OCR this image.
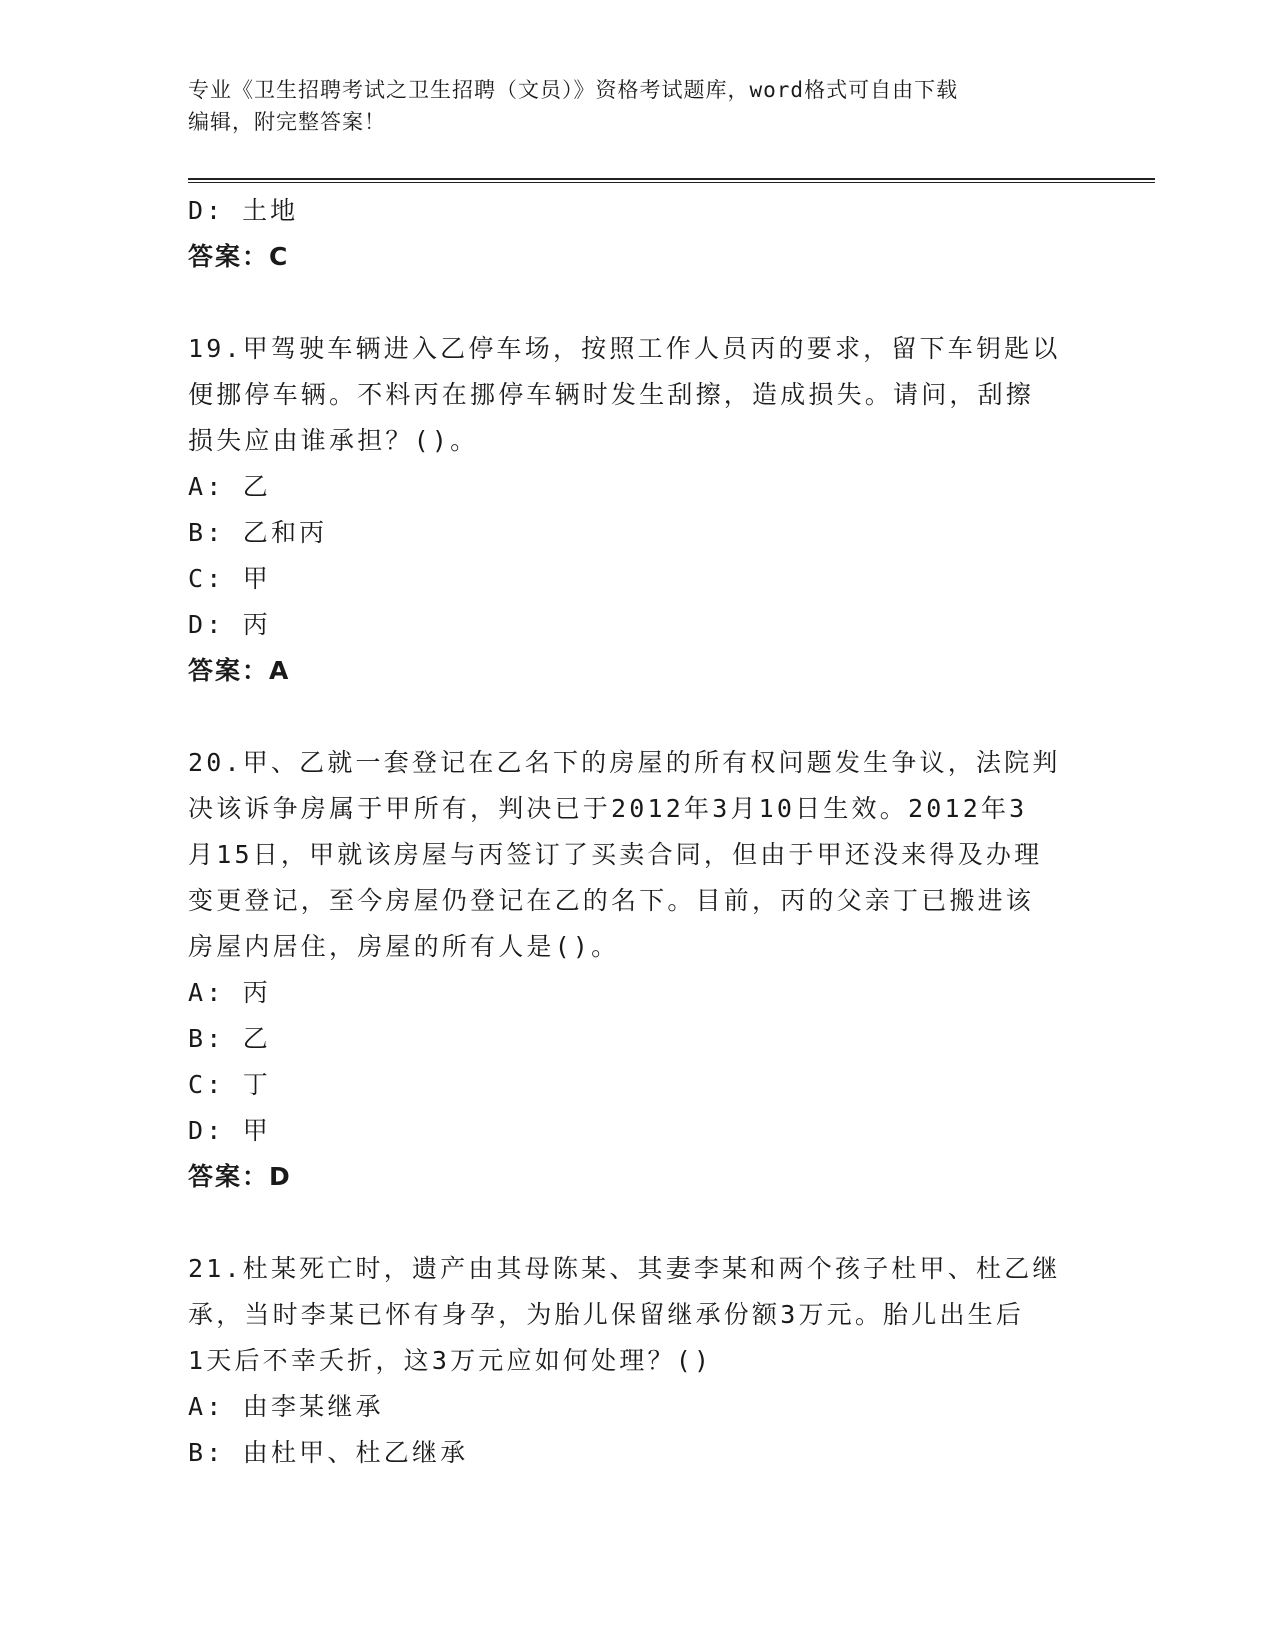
专业《卫生招聘考试之卫生招聘（文员）》资格考试题库，word格式可自由下载
编辑，附完整答案！
D: 土地
答案：C
19.甲驾驶车辆进入乙停车场，按照工作人员丙的要求，留下车钥匙以
便挪停车辆。不料丙在挪停车辆时发生刮擦，造成损失。请问，刮擦
损失应由谁承担？()。
A: 乙
B: 乙和丙
C: 甲
D: 丙
答案：A
20.甲、乙就一套登记在乙名下的房屋的所有权问题发生争议，法院判
决该诉争房属于甲所有，判决已于2012年3月10日生效。2012年3
月15日，甲就该房屋与丙签订了买卖合同，但由于甲还没来得及办理
变更登记，至今房屋仍登记在乙的名下。目前，丙的父亲丁已搬进该
房屋内居住，房屋的所有人是()。
A: 丙
B: 乙
C: 丁
D: 甲
答案：D
21.杜某死亡时，遗产由其母陈某、其妻李某和两个孩子杜甲、杜乙继
承，当时李某已怀有身孕，为胎儿保留继承份额3万元。胎儿出生后
1天后不幸夭折，这3万元应如何处理？()
A: 由李某继承
B: 由杜甲、杜乙继承
